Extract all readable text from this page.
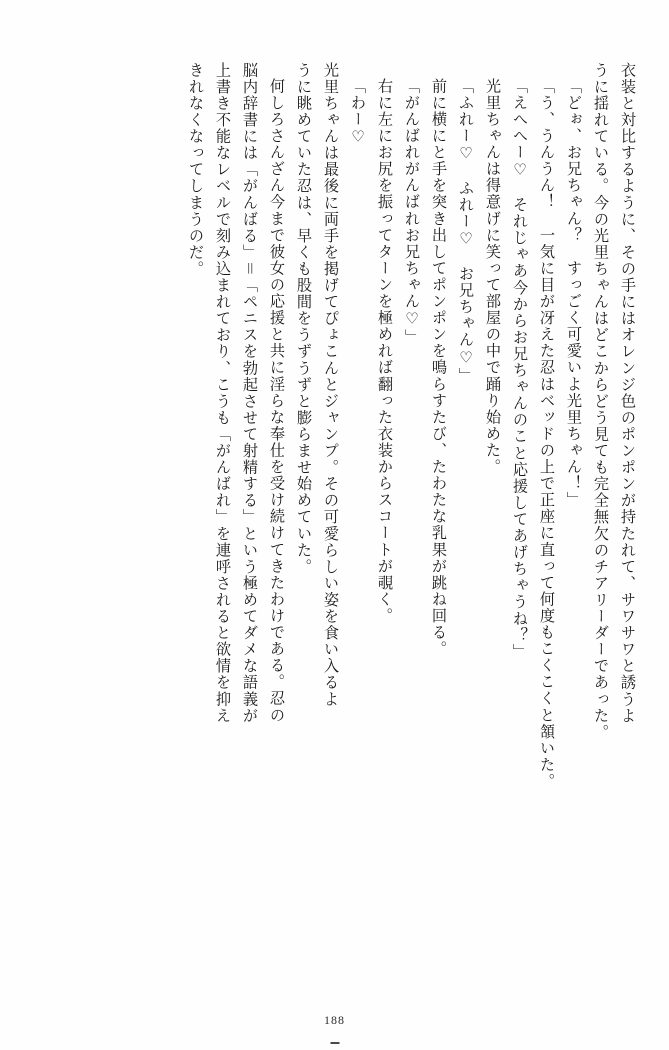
衣装と対比するように、その手にはオレンジ色のポンポンが持たれて、サワサワと誘うよ
うに揺れている。今の光里ちゃんはどこからどう見ても完全無欠のチアリーダーであった。
「どぉ、お兄ちゃん？　すっごく可愛いよ光里ちゃん！」
「う、うんうん！　一気に目が冴えた忍はベッドの上で正座に直って何度もこくこくと頷いた。
「えへへー♡　それじゃあ今からお兄ちゃんのこと応援してあげちゃうね？」
光里ちゃんは得意げに笑って部屋の中で踊り始めた。
「ふれー♡　ふれー♡　お兄ちゃん♡」
前に横にと手を突き出してポンポンを鳴らすたび、たわたな乳果が跳ね回る。
「がんばれがんばれお兄ちゃん♡」
右に左にお尻を振ってターンを極めれば翻った衣装からスコートが覗く。
「わー♡
光里ちゃんは最後に両手を掲げてぴょこんとジャンプ。その可愛らしい姿を食い入るよ
うに眺めていた忍は、早くも股間をうずうずと膨らませ始めていた。
何しろさんざん今まで彼女の応援と共に淫らな奉仕を受け続けてきたわけである。忍の
脳内辞書には「がんばる」＝「ペニスを勃起させて射精する」という極めてダメな語義が
上書き不能なレベルで刻み込まれており、こうも「がんばれ」を連呼されると欲情を抑え
きれなくなってしまうのだ。
188
